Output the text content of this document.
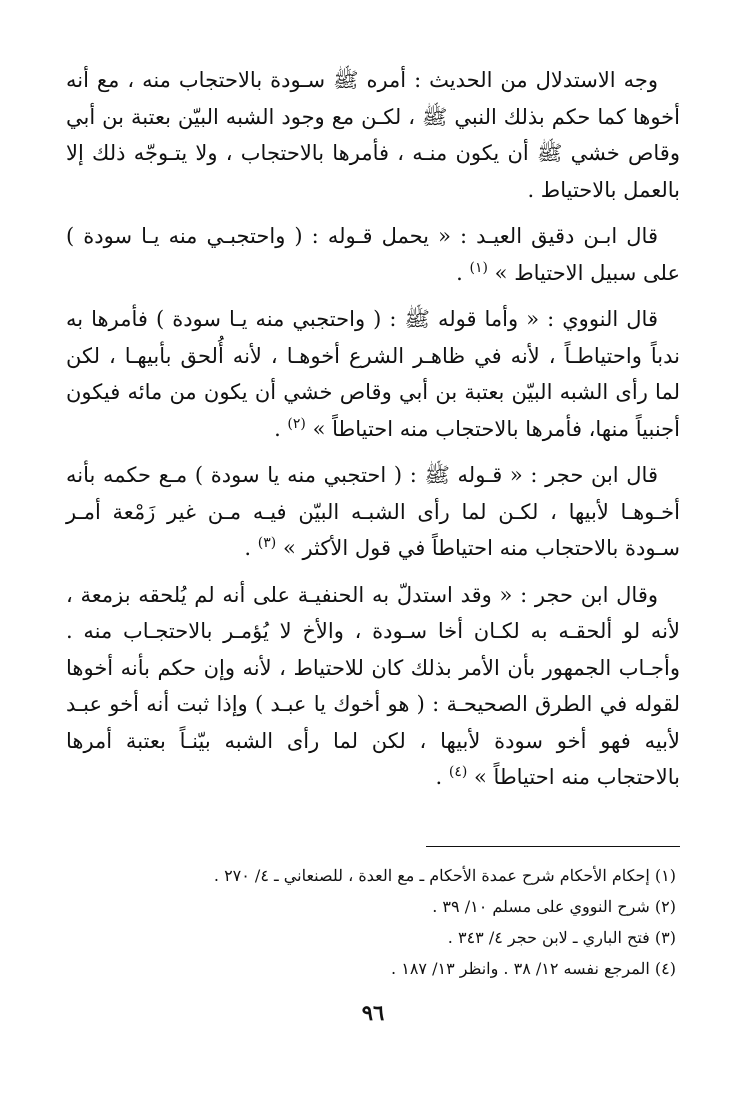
وجه الاستدلال من الحديث : أمره ﷺ سـودة بالاحتجاب منه ، مع أنه أخوها كما حكم بذلك النبي ﷺ ، لكـن مع وجود الشبه البيّن بعتبة بن أبي وقاص خشي ﷺ أن يكون منـه ، فأمرها بالاحتجاب ، ولا يتـوجّه ذلك إلا بالعمل بالاحتياط .

قال ابـن دقيق العيـد : « يحمل قـوله : ( واحتجبـي منه يـا سودة ) على سبيل الاحتياط » $^{(١)}$ .

قال النووي : « وأما قوله ﷺ : ( واحتجبي منه يـا سودة ) فأمرها به ندباً واحتياطـاً ، لأنه في ظاهـر الشرع أخوهـا ، لأنه أُلحق بأبيهـا ، لكن لما رأى الشبه البيّن بعتبة بن أبي وقاص خشي أن يكون من مائه فيكون أجنبياً منها، فأمرها بالاحتجاب منه احتياطاً » $^{(٢)}$ .

قال ابن حجر : « قـوله ﷺ : ( احتجبي منه يا سودة ) مـع حكمه بأنه أخـوهـا لأبيها ، لكـن لما رأى الشبـه البيّن فيـه مـن غير زَمْعة أمـر سـودة بالاحتجاب منه احتياطاً في قول الأكثر » $^{(٣)}$ .

وقال ابن حجر : « وقد استدلّ به الحنفيـة على أنه لم يُلحقه بزمعة ، لأنه لو ألحقـه به لكـان أخا سـودة ، والأخ لا يُؤمـر بالاحتجـاب منه . وأجـاب الجمهور بأن الأمر بذلك كان للاحتياط ، لأنه وإن حكم بأنه أخوها لقوله في الطرق الصحيحـة : ( هو أخوك يا عبـد ) وإذا ثبت أنه أخو عبـد لأبيه فهو أخو سودة لأبيها ، لكن لما رأى الشبه بيّنـاً بعتبة أمرها بالاحتجاب منه احتياطاً » $^{(٤)}$ .

(١) إحكام الأحكام شرح عمدة الأحكام ـ مع العدة ، للصنعاني ـ ٤/ ٢٧٠ .

(٢) شرح النووي على مسلم ١٠/ ٣٩ .

(٣) فتح الباري ـ لابن حجر ٤/ ٣٤٣ .

(٤) المرجع نفسه ١٢/ ٣٨ . وانظر ١٣/ ١٨٧ .

٩٦
